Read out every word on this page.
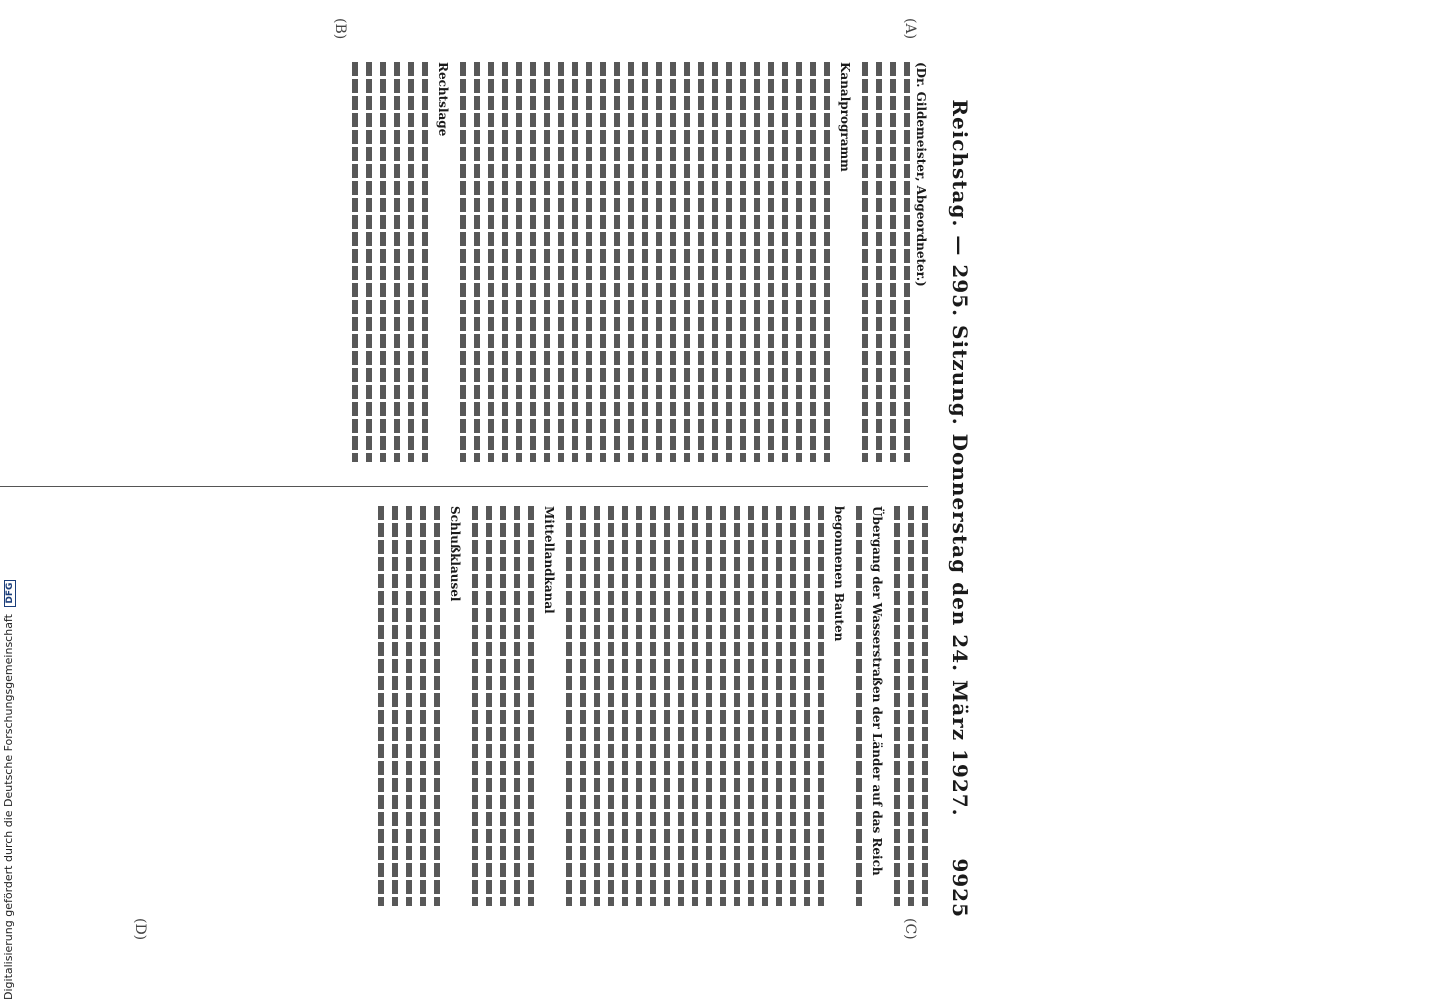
Reichstag. — 295. Sitzung. Donnerstag den 24. März 1927.
9925
(A)
(B)
(C)
(D)
(Dr. Gildemeister, Abgeordneter.)
Kanalprogramm
Rechtslage
Übergang der Wasserstraßen der Länder auf das Reich
begonnenen Bauten
Mittellandkanal
Schlußklausel
Digitalisierung gefördert durch die Deutsche Forschungsgemeinschaft DFG
